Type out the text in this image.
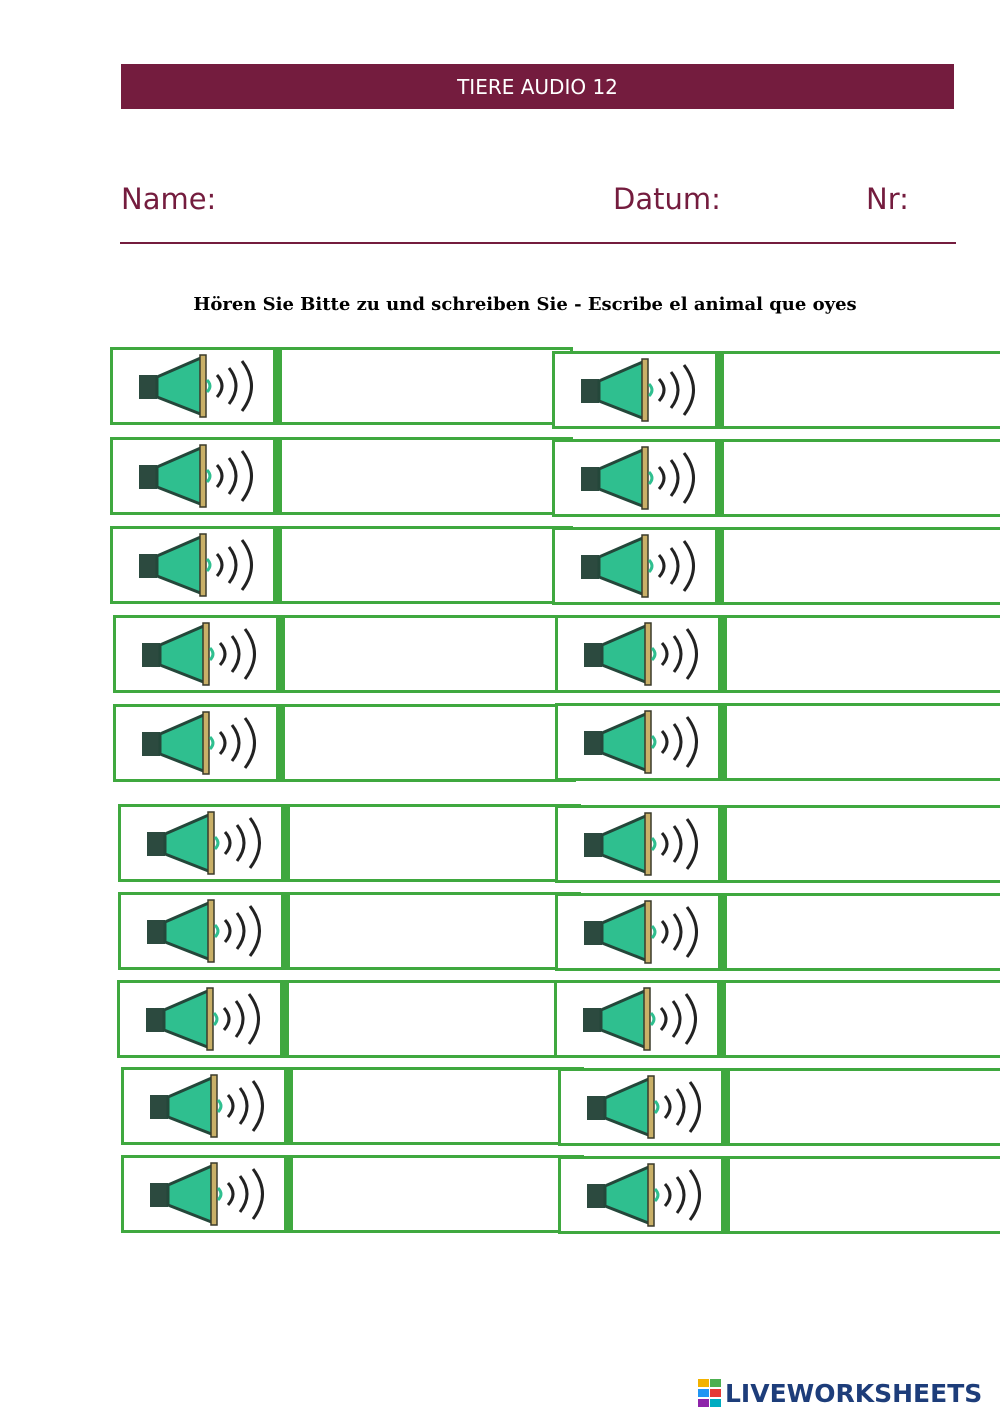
TIERE AUDIO 12
Name:	Datum:	Nr:
Hören Sie Bitte zu und schreiben Sie - Escribe el animal que oyes
LIVEWORKSHEETS
